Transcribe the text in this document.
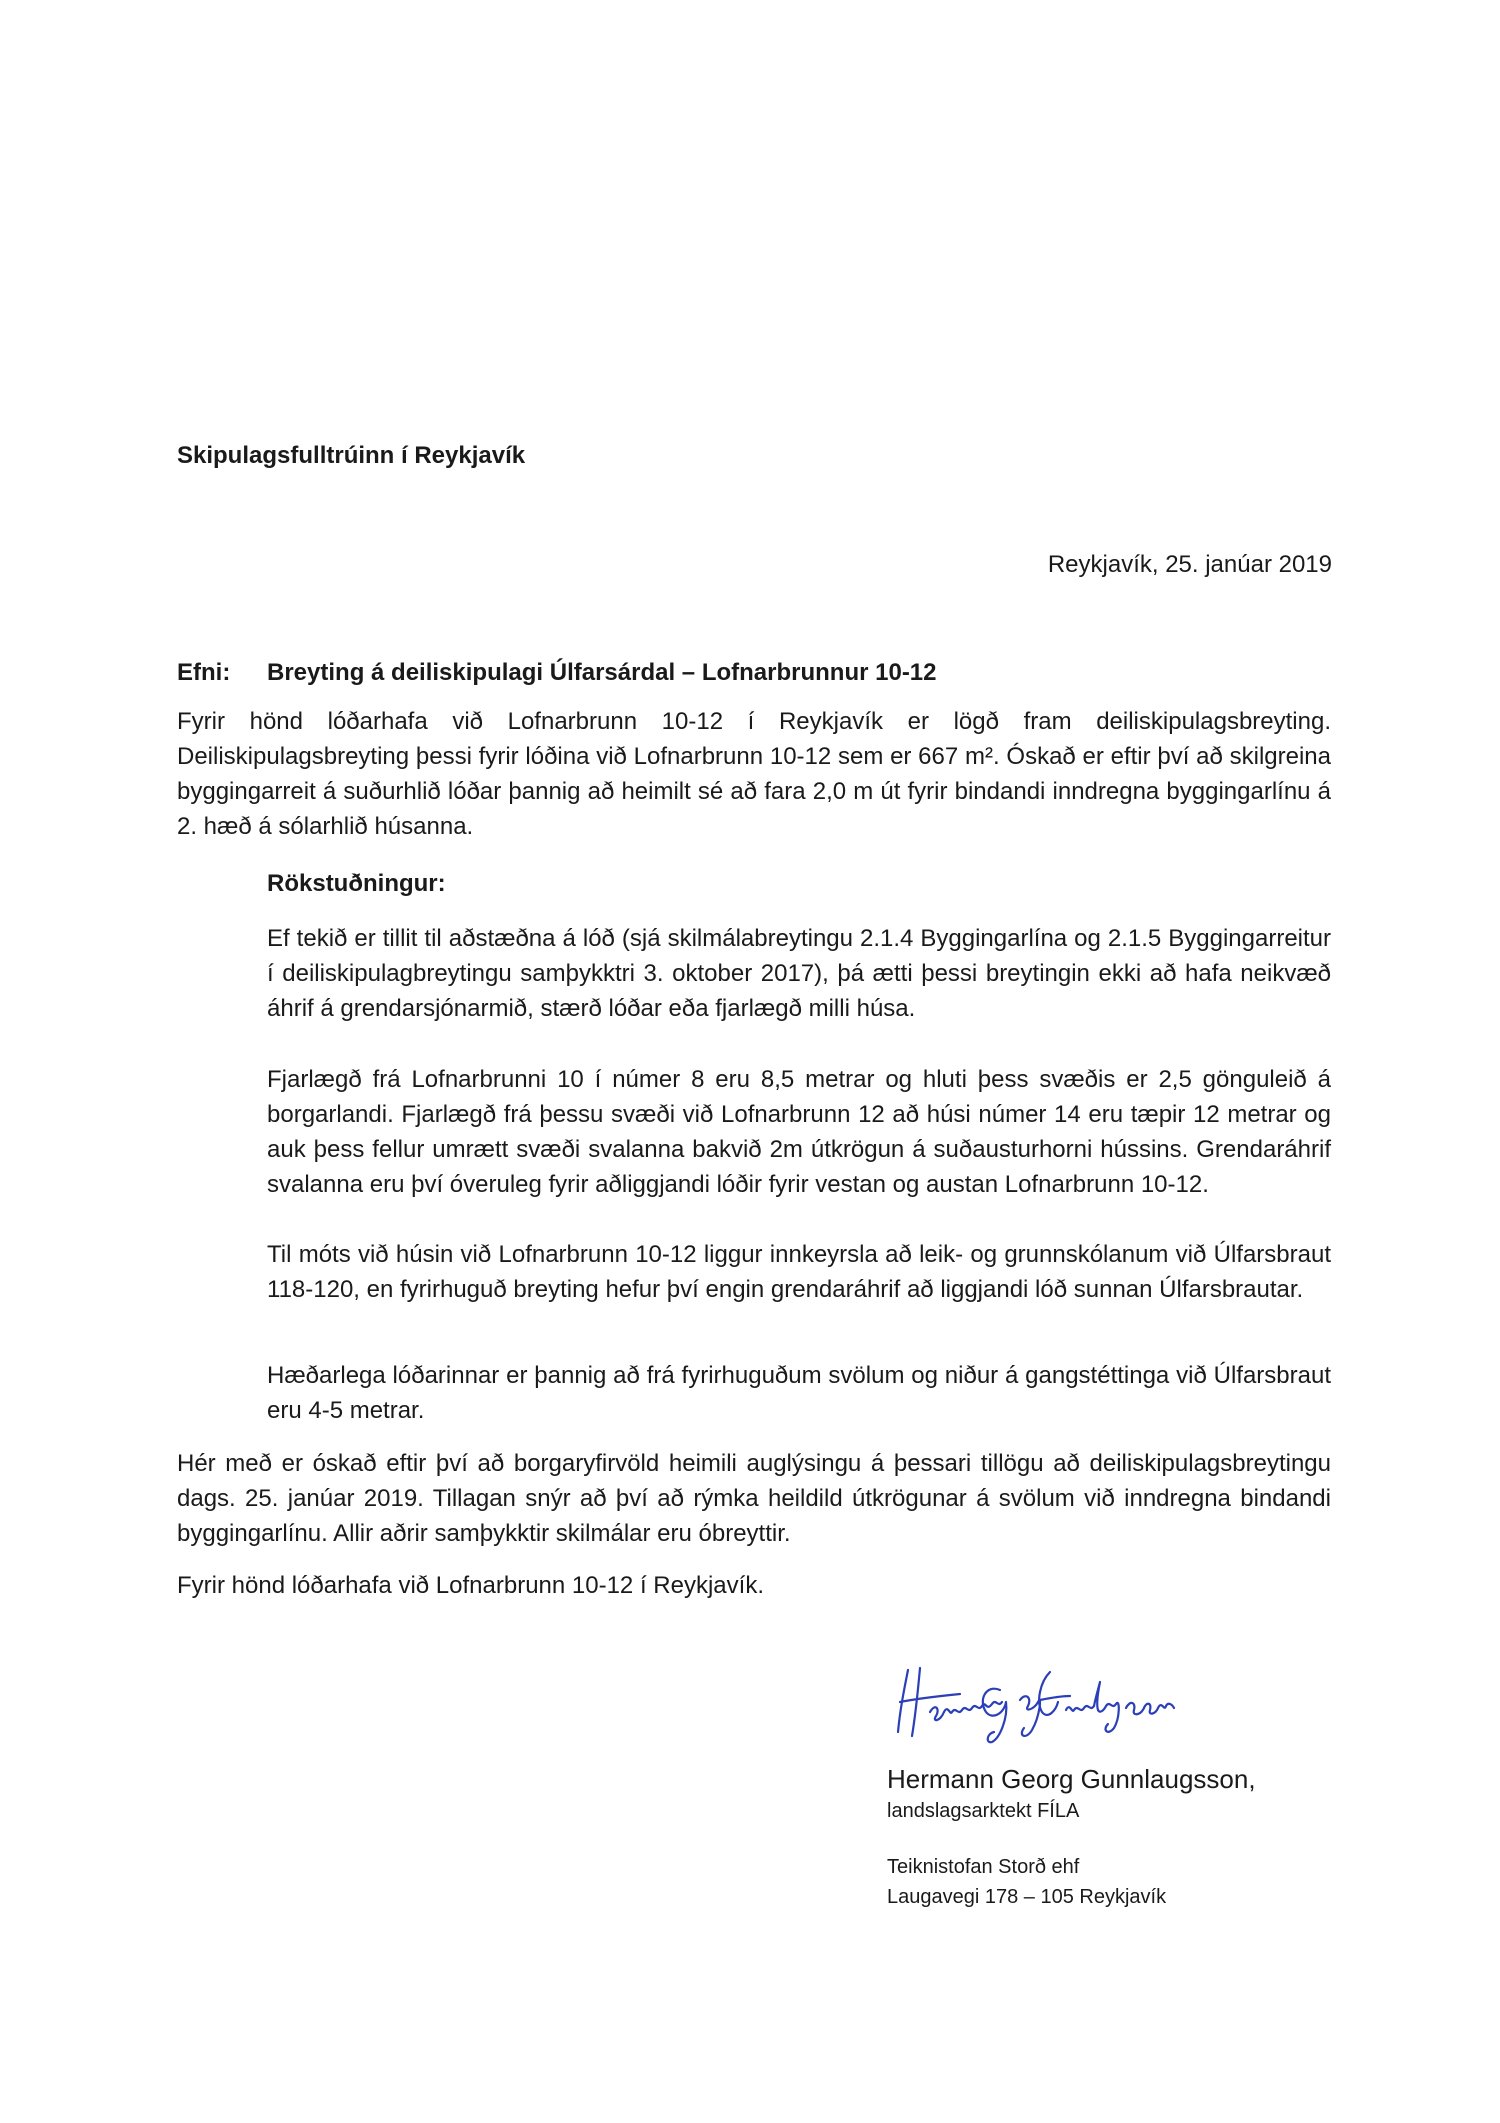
Skipulagsfulltrúinn í Reykjavík
Reykjavík, 25. janúar 2019
Efni: Breyting á deiliskipulagi Úlfarsárdal – Lofnarbrunnur 10-12
Fyrir hönd lóðarhafa við Lofnarbrunn 10-12 í Reykjavík er lögð fram deiliskipulagsbreyting. Deiliskipulagsbreyting þessi fyrir lóðina við Lofnarbrunn 10-12 sem er 667 m². Óskað er eftir því að skilgreina byggingarreit á suðurhlið lóðar þannig að heimilt sé að fara 2,0 m út fyrir bindandi inndregna byggingarlínu á 2. hæð á sólarhlið húsanna.
Rökstuðningur:
Ef tekið er tillit til aðstæðna á lóð (sjá skilmálabreytingu 2.1.4 Byggingarlína og 2.1.5 Byggingarreitur í deiliskipulagbreytingu samþykktri 3. oktober 2017), þá ætti þessi breytingin ekki að hafa neikvæð áhrif á grendarsjónarmið, stærð lóðar eða fjarlægð milli húsa.
Fjarlægð frá Lofnarbrunni 10 í númer 8 eru 8,5 metrar og hluti þess svæðis er 2,5 gönguleið á borgarlandi. Fjarlægð frá þessu svæði við Lofnarbrunn 12 að húsi númer 14 eru tæpir 12 metrar og auk þess fellur umrætt svæði svalanna bakvið 2m útkrögun á suðausturhorni hússins. Grendaráhrif svalanna eru því óveruleg fyrir aðliggjandi lóðir fyrir vestan og austan Lofnarbrunn 10-12.
Til móts við húsin við Lofnarbrunn 10-12 liggur innkeyrsla að leik- og grunnskólanum við Úlfarsbraut 118-120, en fyrirhuguð breyting hefur því engin grendaráhrif að liggjandi lóð sunnan Úlfarsbrautar.
Hæðarlega lóðarinnar er þannig að frá fyrirhuguðum svölum og niður á gangstéttinga við Úlfarsbraut eru 4-5 metrar.
Hér með er óskað eftir því að borgaryfirvöld heimili auglýsingu á þessari tillögu að deiliskipulagsbreytingu dags. 25. janúar 2019. Tillagan snýr að því að rýmka heildild útkrögunar á svölum við inndregna bindandi byggingarlínu. Allir aðrir samþykktir skilmálar eru óbreyttir.
Fyrir hönd lóðarhafa við Lofnarbrunn 10-12 í Reykjavík.
Hermann Georg Gunnlaugsson,
landslagsarktekt FÍLA
Teiknistofan Storð ehf
Laugavegi 178 – 105 Reykjavík
